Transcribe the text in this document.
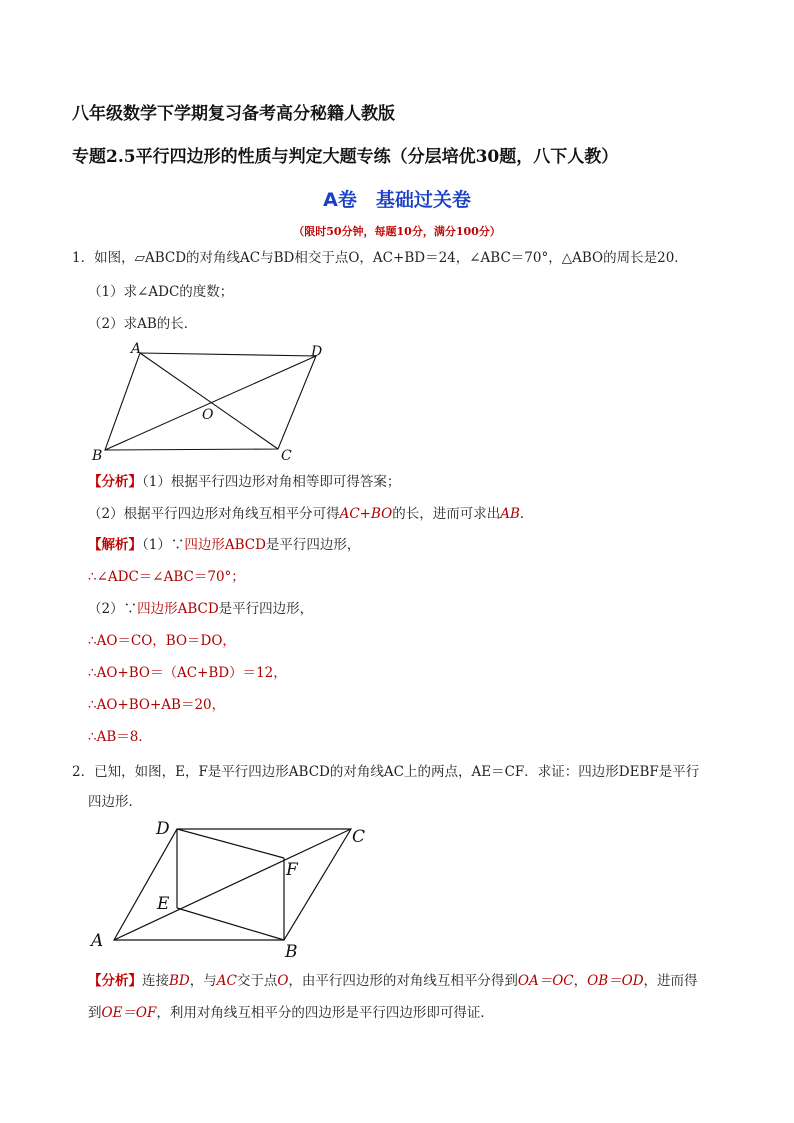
八年级数学下学期复习备考高分秘籍人教版
专题2.5平行四边形的性质与判定大题专练（分层培优30题，八下人教）
A卷　基础过关卷
（限时50分钟，每题10分，满分100分）
1．如图，▱ABCD的对角线AC与BD相交于点O，AC+BD＝24，∠ABC＝70°，△ABO的周长是20．
（1）求∠ADC的度数；
（2）求AB的长．
A	D
O
B	C
【分析】（1）根据平行四边形对角相等即可得答案；
（2）根据平行四边形对角线互相平分可得AC+BO的长，进而可求出AB．
【解析】（1）∵四边形ABCD是平行四边形，
∴∠ADC＝∠ABC＝70°；
（2）∵四边形ABCD是平行四边形，
∴AO＝CO，BO＝DO，
∴AO+BO＝（AC+BD）＝12，
∴AO+BO+AB＝20，
∴AB＝8．
2．已知，如图，E，F是平行四边形ABCD的对角线AC上的两点，AE＝CF．求证：四边形DEBF是平行
四边形．
D	C
F
E
A
B
【分析】连接BD，与AC交于点O，由平行四边形的对角线互相平分得到OA＝OC，OB＝OD，进而得
到OE＝OF，利用对角线互相平分的四边形是平行四边形即可得证．
